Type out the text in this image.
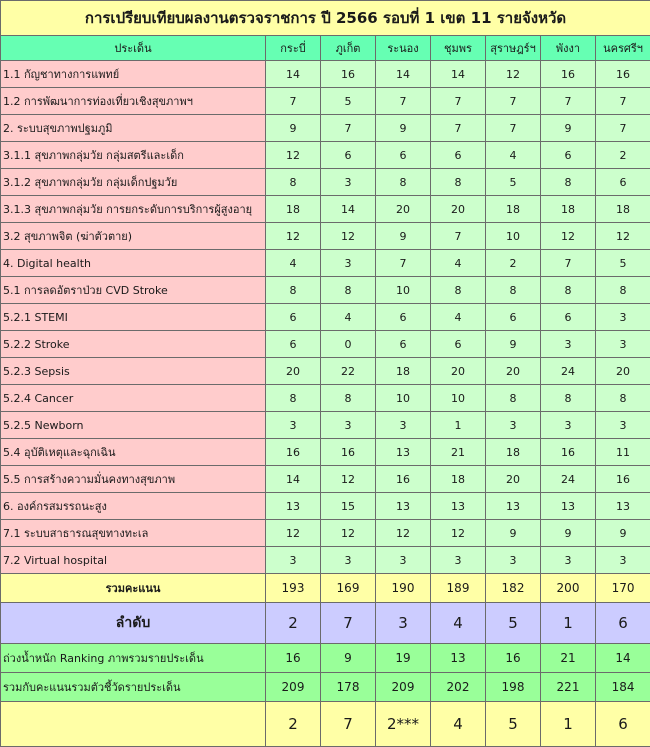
การเปรียบเทียบผลงานตรวจราชการ ปี 2566 รอบที่ 1 เขต 11 รายจังหวัด							
ประเด็น	กระบี่	ภูเก็ต	ระนอง	ชุมพร	สุราษฎร์ฯ	พังงา	นครศรีฯ
1.1 กัญชาทางการแพทย์	14	16	14	14	12	16	16
1.2 การพัฒนาการท่องเที่ยวเชิงสุขภาพฯ	7	5	7	7	7	7	7
2. ระบบสุขภาพปฐมภูมิ	9	7	9	7	7	9	7
3.1.1 สุขภาพกลุ่มวัย กลุ่มสตรีและเด็ก	12	6	6	6	4	6	2
3.1.2 สุขภาพกลุ่มวัย กลุ่มเด็กปฐมวัย	8	3	8	8	5	8	6
3.1.3 สุขภาพกลุ่มวัย การยกระดับการบริการผู้สูงอายุ	18	14	20	20	18	18	18
3.2 สุขภาพจิต (ฆ่าตัวตาย)	12	12	9	7	10	12	12
4. Digital health	4	3	7	4	2	7	5
5.1 การลดอัตราป่วย CVD Stroke	8	8	10	8	8	8	8
5.2.1 STEMI	6	4	6	4	6	6	3
5.2.2 Stroke	6	0	6	6	9	3	3
5.2.3 Sepsis	20	22	18	20	20	24	20
5.2.4 Cancer	8	8	10	10	8	8	8
5.2.5 Newborn	3	3	3	1	3	3	3
5.4 อุบัติเหตุและฉุกเฉิน	16	16	13	21	18	16	11
5.5 การสร้างความมั่นคงทางสุขภาพ	14	12	16	18	20	24	16
6. องค์กรสมรรถนะสูง	13	15	13	13	13	13	13
7.1 ระบบสาธารณสุขทางทะเล	12	12	12	12	9	9	9
7.2 Virtual hospital	3	3	3	3	3	3	3
รวมคะแนน	193	169	190	189	182	200	170
ลำดับ	2	7	3	4	5	1	6
ถ่วงน้ำหนัก Ranking ภาพรวมรายประเด็น	16	9	19	13	16	21	14
รวมกับคะแนนรวมตัวชี้วัดรายประเด็น	209	178	209	202	198	221	184
	2	7	2***	4	5	1	6
